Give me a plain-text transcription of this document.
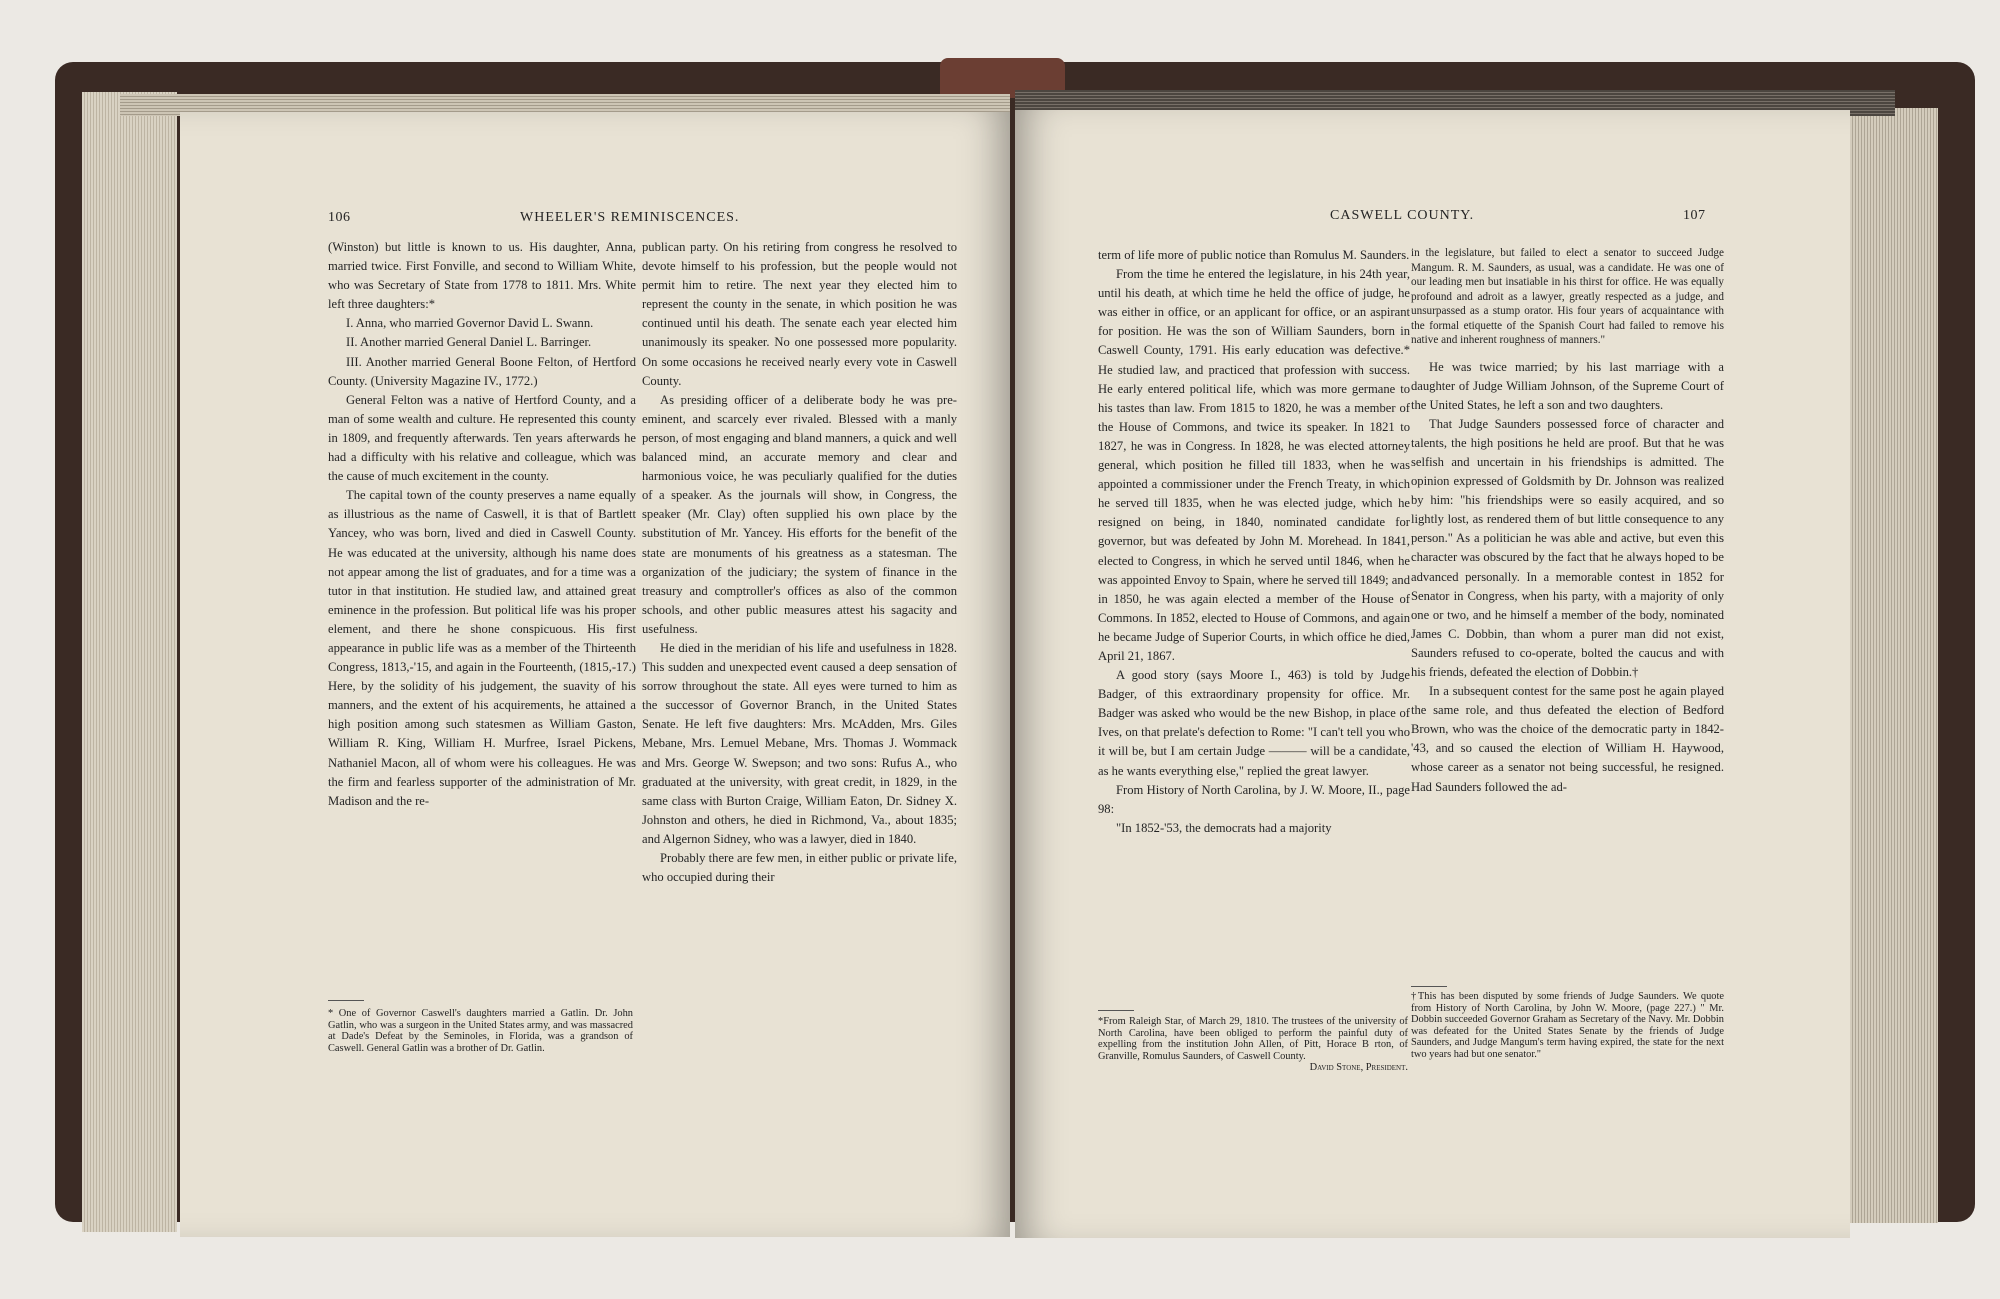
106	WHEELER'S REMINISCENCES.

(Winston) but little is known to us. His daughter, Anna, married twice. First Fonville, and second to William White, who was Secretary of State from 1778 to 1811. Mrs. White left three daughters:*

I. Anna, who married Governor David L. Swann.

II. Another married General Daniel L. Barringer.

III. Another married General Boone Felton, of Hertford County. (University Magazine IV., 1772.)

General Felton was a native of Hertford County, and a man of some wealth and culture. He represented this county in 1809, and frequently afterwards. Ten years afterwards he had a difficulty with his relative and colleague, which was the cause of much excitement in the county.

The capital town of the county preserves a name equally as illustrious as the name of Caswell, it is that of Bartlett Yancey, who was born, lived and died in Caswell County. He was educated at the university, although his name does not appear among the list of graduates, and for a time was a tutor in that institution. He studied law, and attained great eminence in the profession. But political life was his proper element, and there he shone conspicuous. His first appearance in public life was as a member of the Thirteenth Congress, 1813,-'15, and again in the Fourteenth, (1815,-17.) Here, by the solidity of his judgement, the suavity of his manners, and the extent of his acquirements, he attained a high position among such statesmen as William Gaston, William R. King, William H. Murfree, Israel Pickens, Nathaniel Macon, all of whom were his colleagues. He was the firm and fearless supporter of the administration of Mr. Madison and the re-

* One of Governor Caswell's daughters married a Gatlin. Dr. John Gatlin, who was a surgeon in the United States army, and was massacred at Dade's Defeat by the Seminoles, in Florida, was a grandson of Caswell. General Gatlin was a brother of Dr. Gatlin.

publican party. On his retiring from congress he resolved to devote himself to his profession, but the people would not permit him to retire. The next year they elected him to represent the county in the senate, in which position he was continued until his death. The senate each year elected him unanimously its speaker. No one possessed more popularity. On some occasions he received nearly every vote in Caswell County.

As presiding officer of a deliberate body he was pre-eminent, and scarcely ever rivaled. Blessed with a manly person, of most engaging and bland manners, a quick and well balanced mind, an accurate memory and clear and harmonious voice, he was peculiarly qualified for the duties of a speaker. As the journals will show, in Congress, the speaker (Mr. Clay) often supplied his own place by the substitution of Mr. Yancey. His efforts for the benefit of the state are monuments of his greatness as a statesman. The organization of the judiciary; the system of finance in the treasury and comptroller's offices as also of the common schools, and other public measures attest his sagacity and usefulness.

He died in the meridian of his life and usefulness in 1828. This sudden and unexpected event caused a deep sensation of sorrow throughout the state. All eyes were turned to him as the successor of Governor Branch, in the United States Senate. He left five daughters: Mrs. McAdden, Mrs. Giles Mebane, Mrs. Lemuel Mebane, Mrs. Thomas J. Wommack and Mrs. George W. Swepson; and two sons: Rufus A., who graduated at the university, with great credit, in 1829, in the same class with Burton Craige, William Eaton, Dr. Sidney X. Johnston and others, he died in Richmond, Va., about 1835; and Algernon Sidney, who was a lawyer, died in 1840.

Probably there are few men, in either public or private life, who occupied during their

CASWELL COUNTY.	107

term of life more of public notice than Romulus M. Saunders.

From the time he entered the legislature, in his 24th year, until his death, at which time he held the office of judge, he was either in office, or an applicant for office, or an aspirant for position. He was the son of William Saunders, born in Caswell County, 1791. His early education was defective.* He studied law, and practiced that profession with success. He early entered political life, which was more germane to his tastes than law. From 1815 to 1820, he was a member of the House of Commons, and twice its speaker. In 1821 to 1827, he was in Congress. In 1828, he was elected attorney general, which position he filled till 1833, when he was appointed a commissioner under the French Treaty, in which he served till 1835, when he was elected judge, which he resigned on being, in 1840, nominated candidate for governor, but was defeated by John M. Morehead. In 1841, elected to Congress, in which he served until 1846, when he was appointed Envoy to Spain, where he served till 1849; and in 1850, he was again elected a member of the House of Commons. In 1852, elected to House of Commons, and again he became Judge of Superior Courts, in which office he died, April 21, 1867.

A good story (says Moore I., 463) is told by Judge Badger, of this extraordinary propensity for office. Mr. Badger was asked who would be the new Bishop, in place of Ives, on that prelate's defection to Rome: "I can't tell you who it will be, but I am certain Judge ——— will be a candidate, as he wants everything else," replied the great lawyer.

From History of North Carolina, by J. W. Moore, II., page 98:

"In 1852-'53, the democrats had a majority

*From Raleigh Star, of March 29, 1810. The trustees of the university of North Carolina, have been obliged to perform the painful duty of expelling from the institution John Allen, of Pitt, Horace B rton, of Granville, Romulus Saunders, of Caswell County.

David Stone, President.

in the legislature, but failed to elect a senator to succeed Judge Mangum. R. M. Saunders, as usual, was a candidate. He was one of our leading men but insatiable in his thirst for office. He was equally profound and adroit as a lawyer, greatly respected as a judge, and unsurpassed as a stump orator. His four years of acquaintance with the formal etiquette of the Spanish Court had failed to remove his native and inherent roughness of manners."

He was twice married; by his last marriage with a daughter of Judge William Johnson, of the Supreme Court of the United States, he left a son and two daughters.

That Judge Saunders possessed force of character and talents, the high positions he held are proof. But that he was selfish and uncertain in his friendships is admitted. The opinion expressed of Goldsmith by Dr. Johnson was realized by him: "his friendships were so easily acquired, and so lightly lost, as rendered them of but little consequence to any person." As a politician he was able and active, but even this character was obscured by the fact that he always hoped to be advanced personally. In a memorable contest in 1852 for Senator in Congress, when his party, with a majority of only one or two, and he himself a member of the body, nominated James C. Dobbin, than whom a purer man did not exist, Saunders refused to co-operate, bolted the caucus and with his friends, defeated the election of Dobbin.†

In a subsequent contest for the same post he again played the same role, and thus defeated the election of Bedford Brown, who was the choice of the democratic party in 1842-'43, and so caused the election of William H. Haywood, whose career as a senator not being successful, he resigned. Had Saunders followed the ad-

†This has been disputed by some friends of Judge Saunders. We quote from History of North Carolina, by John W. Moore, (page 227.) " Mr. Dobbin succeeded Governor Graham as Secretary of the Navy. Mr. Dobbin was defeated for the United States Senate by the friends of Judge Saunders, and Judge Mangum's term having expired, the state for the next two years had but one senator."
